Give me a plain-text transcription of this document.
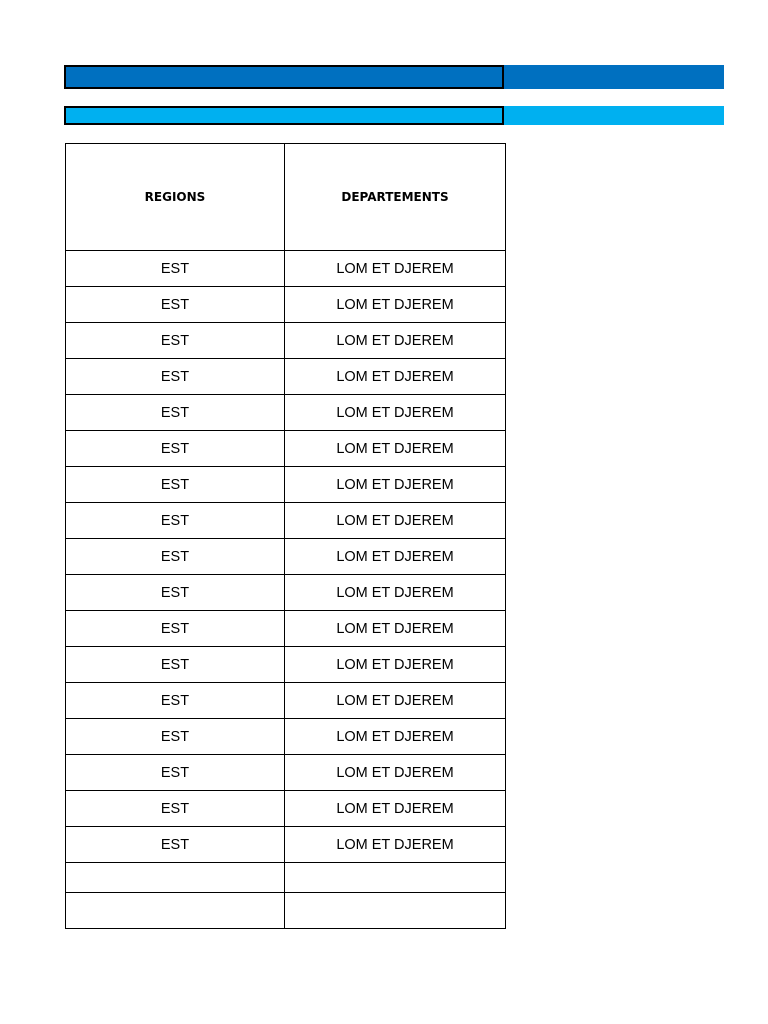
REGIONS	DEPARTEMENTS
EST	LOM ET DJEREM
EST	LOM ET DJEREM
EST	LOM ET DJEREM
EST	LOM ET DJEREM
EST	LOM ET DJEREM
EST	LOM ET DJEREM
EST	LOM ET DJEREM
EST	LOM ET DJEREM
EST	LOM ET DJEREM
EST	LOM ET DJEREM
EST	LOM ET DJEREM
EST	LOM ET DJEREM
EST	LOM ET DJEREM
EST	LOM ET DJEREM
EST	LOM ET DJEREM
EST	LOM ET DJEREM
EST	LOM ET DJEREM
